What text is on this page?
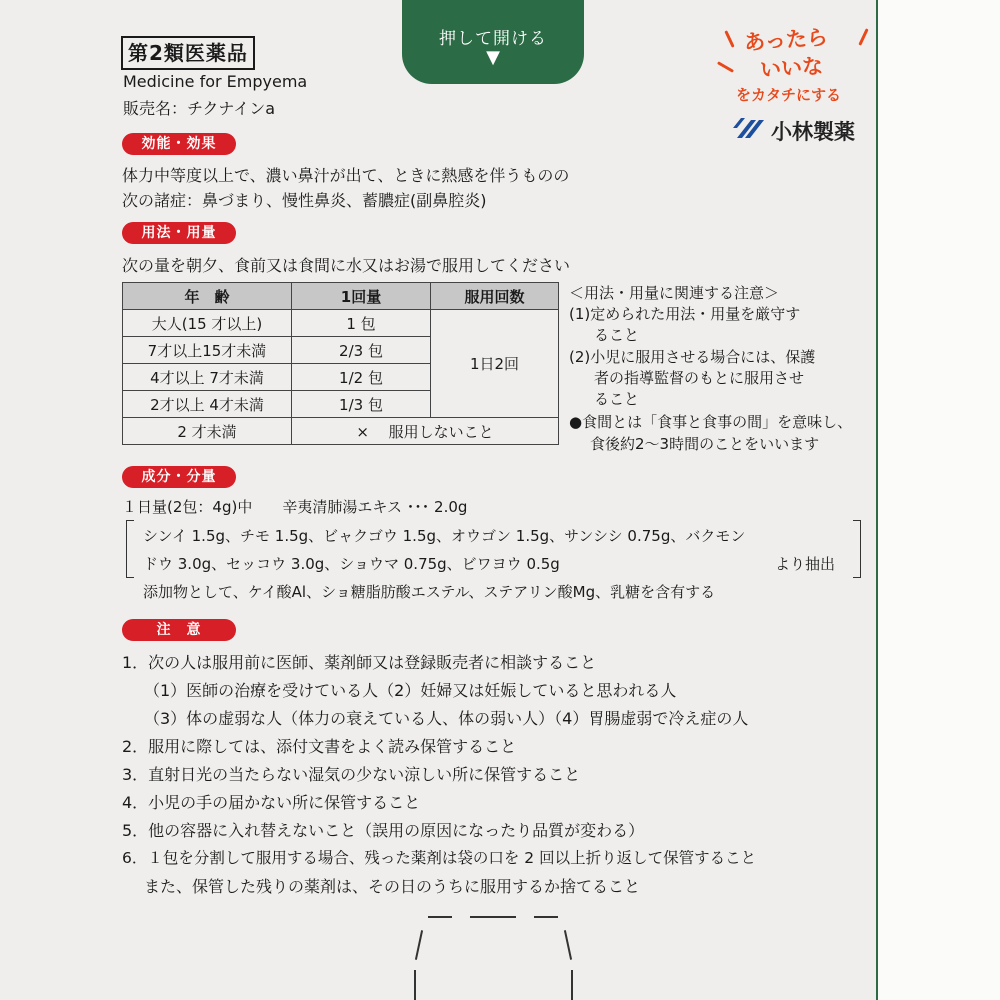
押して開ける
▼
第2類医薬品
Medicine for Empyema
販売名：チクナインa
あったら
いいな
をカタチにする
小林製薬
効能・効果
体力中等度以上で、濃い鼻汁が出て、ときに熱感を伴うものの
次の諸症：鼻づまり、慢性鼻炎、蓄膿症(副鼻腔炎)
用法・用量
次の量を朝夕、食前又は食間に水又はお湯で服用してください
年　齢	1回量	服用回数
大人(15 才以上)	1 包	1日2回
7才以上15才未満	2/3 包	
4才以上 7才未満	1/2 包	
2才以上 4才未満	1/3 包	
2 才未満	×　 服用しないこと	
＜用法・用量に関連する注意＞
(1)定められた用法・用量を厳守す
ること
(2)小児に服用させる場合には、保護
者の指導監督のもとに服用させ
ること
●食間とは「食事と食事の間」を意味し、
食後約2～3時間のことをいいます
成分・分量
１日量(2包：4g)中　　辛夷清肺湯エキス ･･･ 2.0g
シンイ 1.5g、チモ 1.5g、ビャクゴウ 1.5g、オウゴン 1.5g、サンシシ 0.75g、バクモン
ドウ 3.0g、セッコウ 3.0g、ショウマ 0.75g、ビワヨウ 0.5g	より抽出
添加物として、ケイ酸Al、ショ糖脂肪酸エステル、ステアリン酸Mg、乳糖を含有する
注　意
1．次の人は服用前に医師、薬剤師又は登録販売者に相談すること
（1）医師の治療を受けている人（2）妊婦又は妊娠していると思われる人
（3）体の虚弱な人（体力の衰えている人、体の弱い人）（4）胃腸虚弱で冷え症の人
2．服用に際しては、添付文書をよく読み保管すること
3．直射日光の当たらない湿気の少ない涼しい所に保管すること
4．小児の手の届かない所に保管すること
5．他の容器に入れ替えないこと（誤用の原因になったり品質が変わる）
6．１包を分割して服用する場合、残った薬剤は袋の口を 2 回以上折り返して保管すること
また、保管した残りの薬剤は、その日のうちに服用するか捨てること
